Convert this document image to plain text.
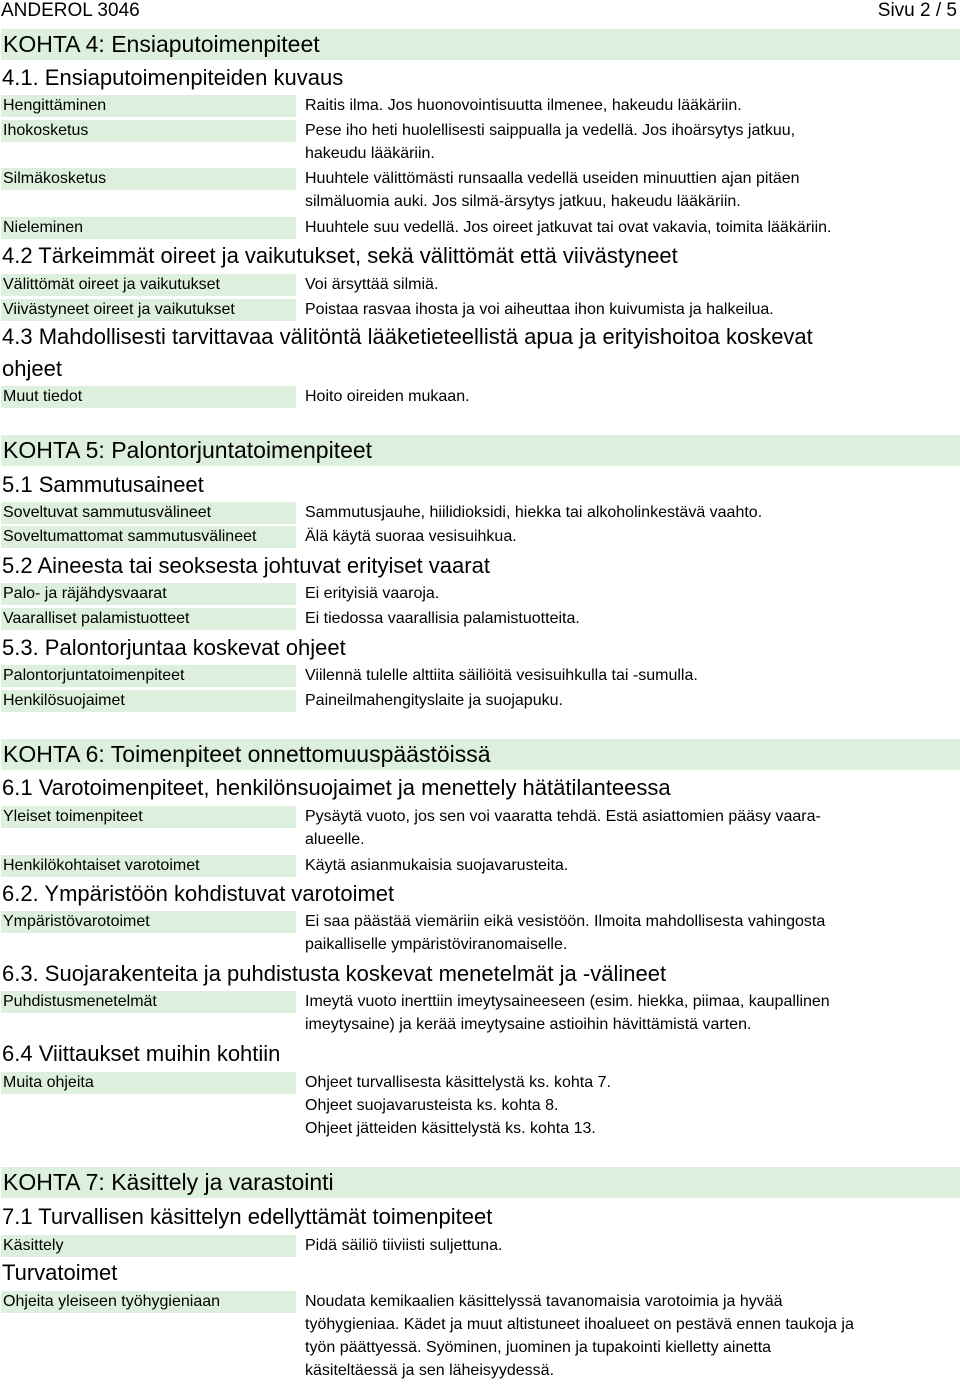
ANDEROL 3046	Sivu 2 / 5
KOHTA 4: Ensiaputoimenpiteet
4.1. Ensiaputoimenpiteiden kuvaus
Hengittäminen	Raitis ilma. Jos huonovointisuutta ilmenee, hakeudu lääkäriin.
Ihokosketus	Pese iho heti huolellisesti saippualla ja vedellä. Jos ihoärsytys jatkuu,
hakeudu lääkäriin.
Silmäkosketus	Huuhtele välittömästi runsaalla vedellä useiden minuuttien ajan pitäen
silmäluomia auki. Jos silmä-ärsytys jatkuu, hakeudu lääkäriin.
Nieleminen	Huuhtele suu vedellä. Jos oireet jatkuvat tai ovat vakavia, toimita lääkäriin.
4.2 Tärkeimmät oireet ja vaikutukset, sekä välittömät että viivästyneet
Välittömät oireet ja vaikutukset	Voi ärsyttää silmiä.
Viivästyneet oireet ja vaikutukset	Poistaa rasvaa ihosta ja voi aiheuttaa ihon kuivumista ja halkeilua.
4.3 Mahdollisesti tarvittavaa välitöntä lääketieteellistä apua ja erityishoitoa koskevat
ohjeet
Muut tiedot	Hoito oireiden mukaan.
KOHTA 5: Palontorjuntatoimenpiteet
5.1 Sammutusaineet
Soveltuvat sammutusvälineet	Sammutusjauhe, hiilidioksidi, hiekka tai alkoholinkestävä vaahto.
Soveltumattomat sammutusvälineet	Älä käytä suoraa vesisuihkua.
5.2 Aineesta tai seoksesta johtuvat erityiset vaarat
Palo- ja räjähdysvaarat	Ei erityisiä vaaroja.
Vaaralliset palamistuotteet	Ei tiedossa vaarallisia palamistuotteita.
5.3. Palontorjuntaa koskevat ohjeet
Palontorjuntatoimenpiteet	Viilennä tulelle alttiita säiliöitä vesisuihkulla tai -sumulla.
Henkilösuojaimet	Paineilmahengityslaite ja suojapuku.
KOHTA 6: Toimenpiteet onnettomuuspäästöissä
6.1 Varotoimenpiteet, henkilönsuojaimet ja menettely hätätilanteessa
Yleiset toimenpiteet	Pysäytä vuoto, jos sen voi vaaratta tehdä. Estä asiattomien pääsy vaara-
alueelle.
Henkilökohtaiset varotoimet	Käytä asianmukaisia suojavarusteita.
6.2. Ympäristöön kohdistuvat varotoimet
Ympäristövarotoimet	Ei saa päästää viemäriin eikä vesistöön. Ilmoita mahdollisesta vahingosta
paikalliselle ympäristöviranomaiselle.
6.3. Suojarakenteita ja puhdistusta koskevat menetelmät ja -välineet
Puhdistusmenetelmät	Imeytä vuoto inerttiin imeytysaineeseen (esim. hiekka, piimaa, kaupallinen
imeytysaine) ja kerää imeytysaine astioihin hävittämistä varten.
6.4 Viittaukset muihin kohtiin
Muita ohjeita	Ohjeet turvallisesta käsittelystä ks. kohta 7.
Ohjeet suojavarusteista ks. kohta 8.
Ohjeet jätteiden käsittelystä ks. kohta 13.
KOHTA 7: Käsittely ja varastointi
7.1 Turvallisen käsittelyn edellyttämät toimenpiteet
Käsittely	Pidä säiliö tiiviisti suljettuna.
Turvatoimet
Ohjeita yleiseen työhygieniaan	Noudata kemikaalien käsittelyssä tavanomaisia varotoimia ja hyvää
työhygieniaa. Kädet ja muut altistuneet ihoalueet on pestävä ennen taukoja ja
työn päättyessä. Syöminen, juominen ja tupakointi kielletty ainetta
käsiteltäessä ja sen läheisyydessä.
